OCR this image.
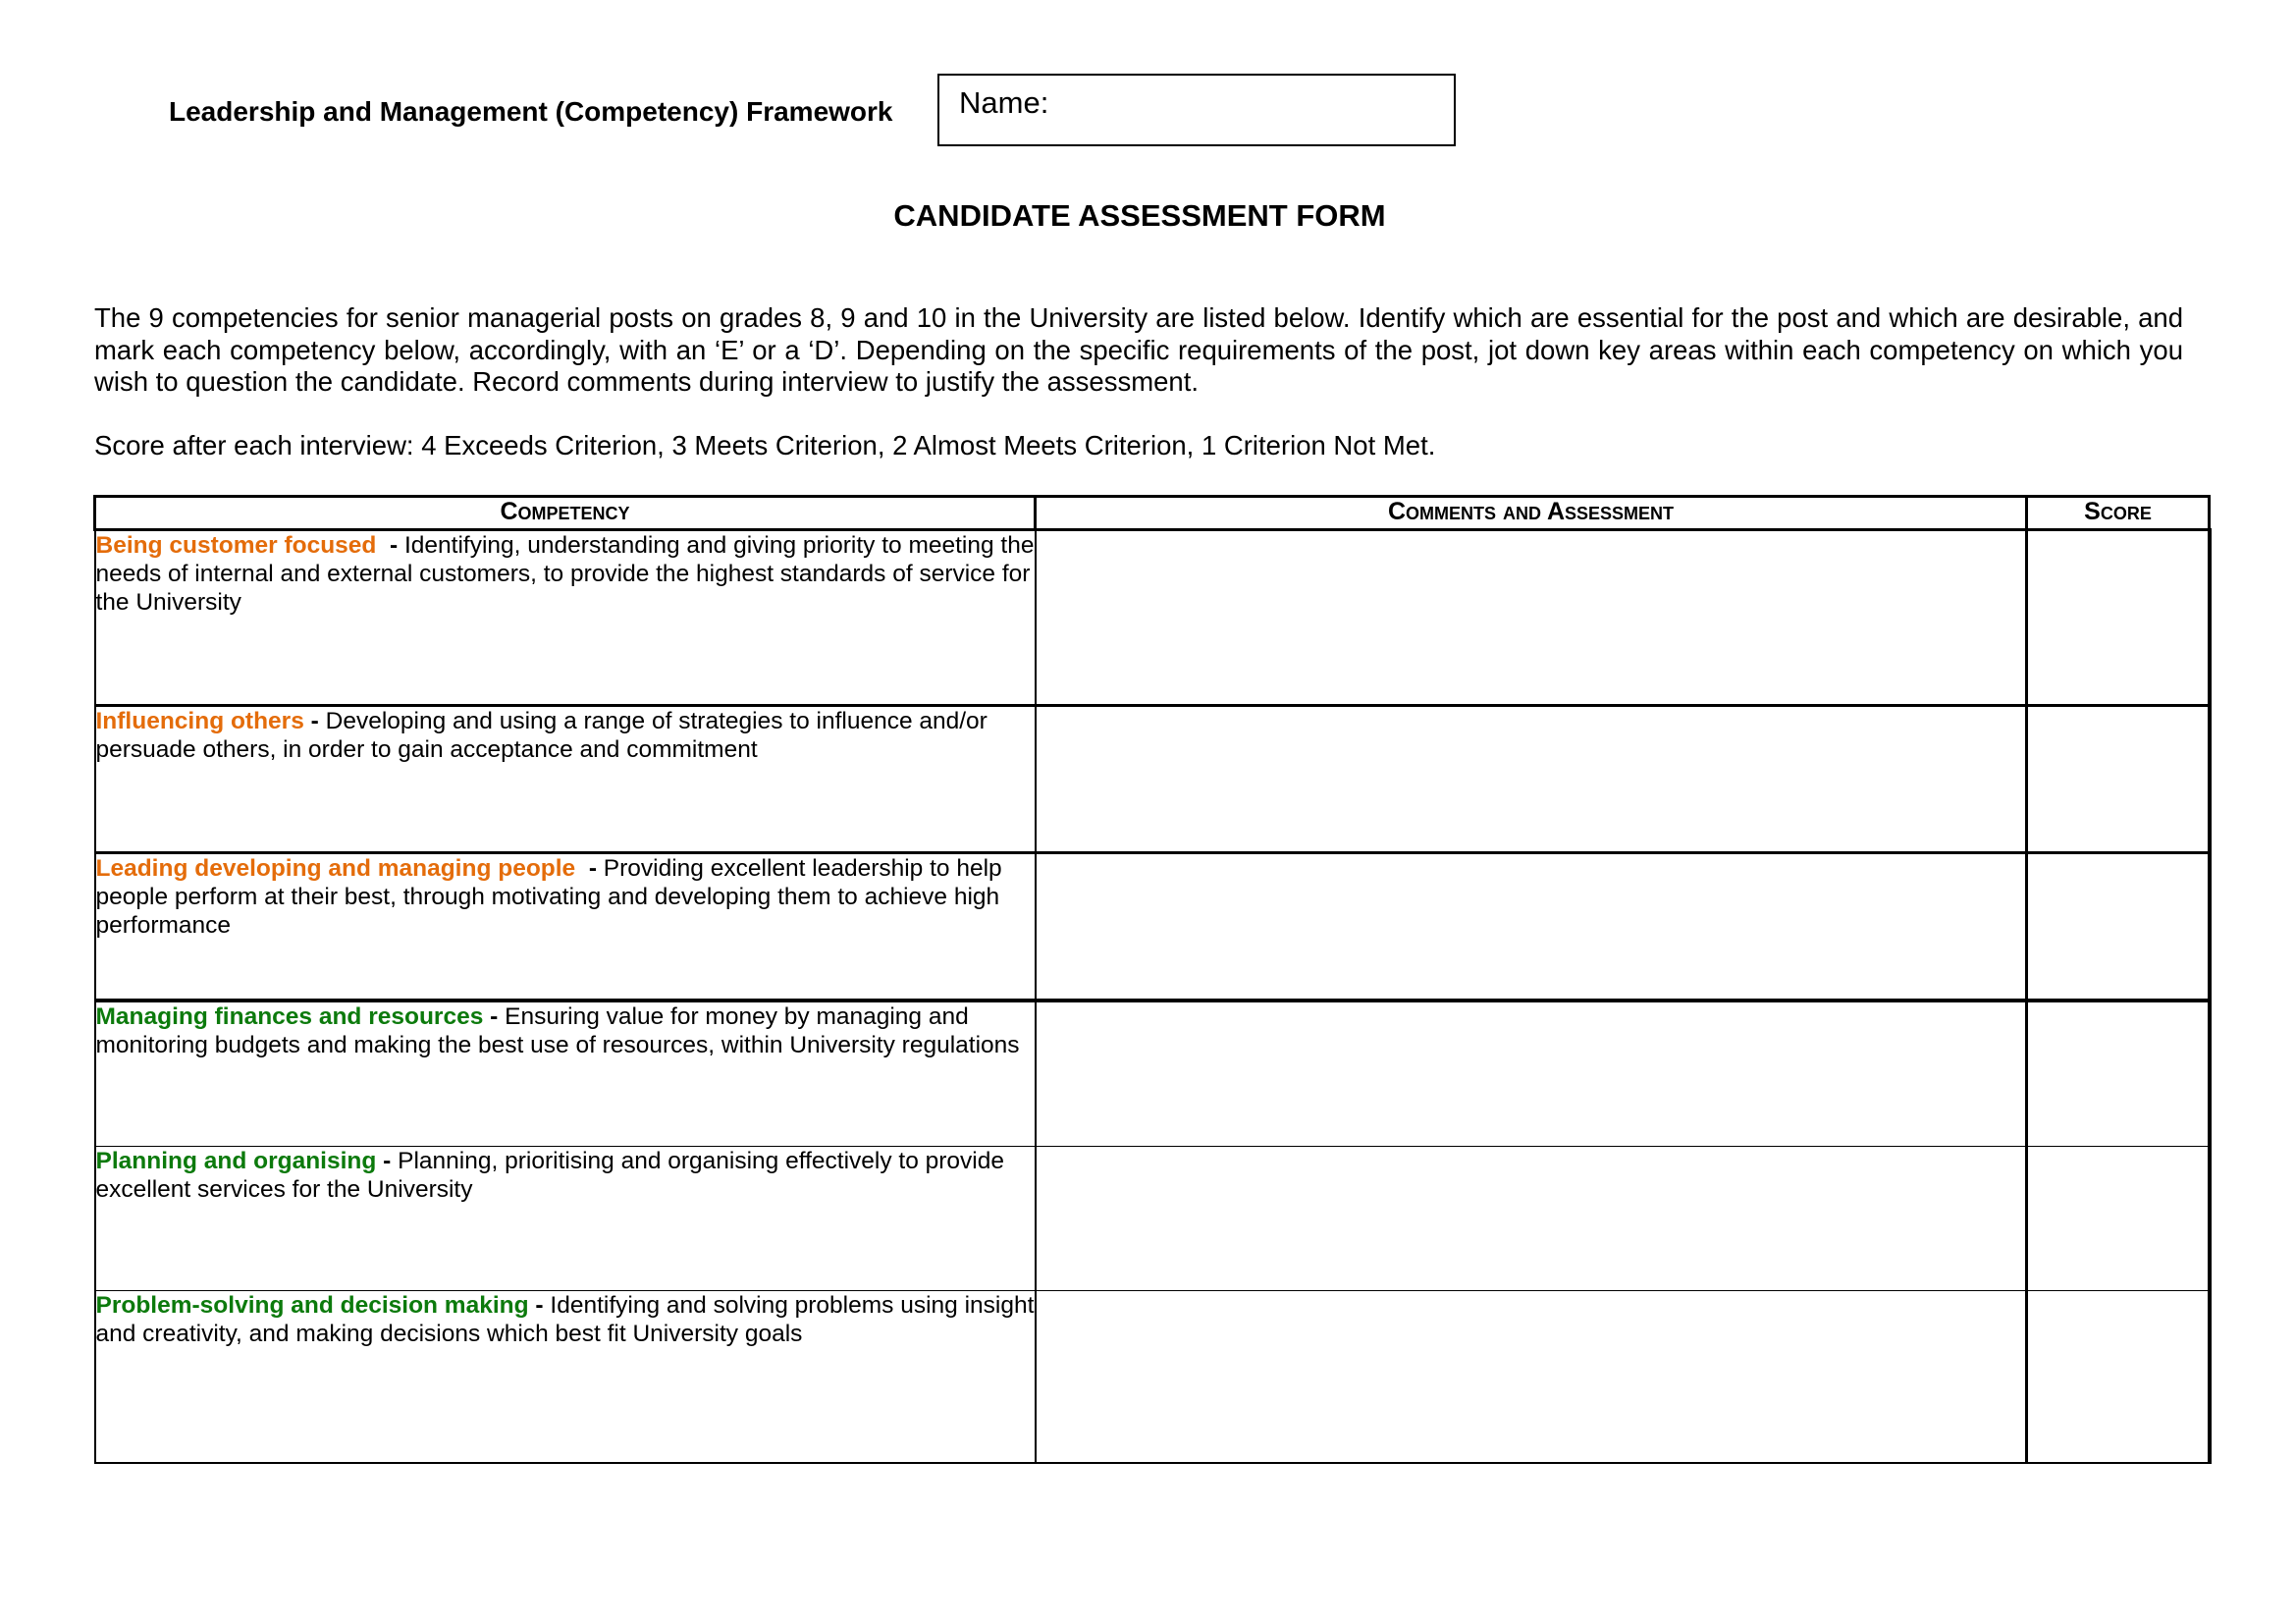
Leadership and Management (Competency) Framework Name:
CANDIDATE ASSESSMENT FORM
The 9 competencies for senior managerial posts on grades 8, 9 and 10 in the University are listed below. Identify which are essential for the post and which are desirable, and mark each competency below, accordingly, with an ‘E’ or a ‘D’. Depending on the specific requirements of the post, jot down key areas within each competency on which you wish to question the candidate. Record comments during interview to justify the assessment.
Score after each interview: 4 Exceeds Criterion, 3 Meets Criterion, 2 Almost Meets Criterion, 1 Criterion Not Met.
Competency	Comments and Assessment	Score
Being customer focused - Identifying, understanding and giving priority to meeting the needs of internal and external customers, to provide the highest standards of service for the University		
Influencing others - Developing and using a range of strategies to influence and/or persuade others, in order to gain acceptance and commitment		
Leading developing and managing people - Providing excellent leadership to help people perform at their best, through motivating and developing them to achieve high performance		
Managing finances and resources - Ensuring value for money by managing and monitoring budgets and making the best use of resources, within University regulations		
Planning and organising - Planning, prioritising and organising effectively to provide excellent services for the University		
Problem-solving and decision making - Identifying and solving problems using insight and creativity, and making decisions which best fit University goals		
